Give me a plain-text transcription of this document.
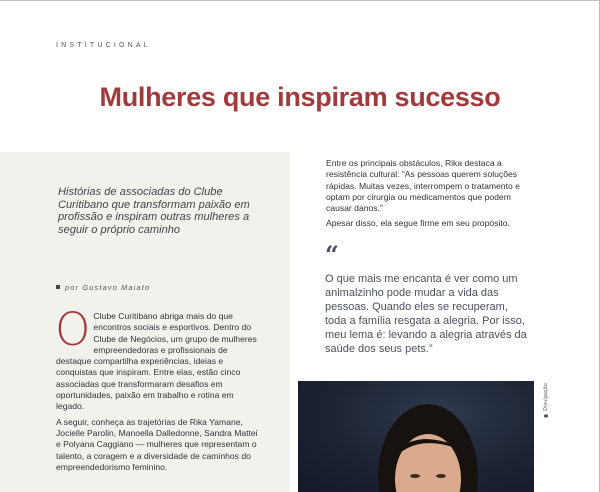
INSTITUCIONAL
Mulheres que inspiram sucesso

Histórias de associadas do Clube Curitibano que transformam paixão em profissão e inspiram outras mulheres a seguir o próprio caminho

por Gustavo Maiato

O Clube Curitibano abriga mais do que encontros sociais e esportivos. Dentro do Clube de Negócios, um grupo de mulheres empreendedoras e profissionais de destaque compartilha experiências, ideias e conquistas que inspiram. Entre elas, estão cinco associadas que transformaram desafios em oportunidades, paixão em trabalho e rotina em legado.

A seguir, conheça as trajetórias de Rika Yamane, Jocielle Parolin, Manoella Dalledonne, Sandra Mattei e Polyana Caggiano — mulheres que representam o talento, a coragem e a diversidade de caminhos do empreendedorismo feminino.

Entre os principais obstáculos, Rika destaca a resistência cultural: “As pessoas querem soluções rápidas. Muitas vezes, interrompem o tratamento e optam por cirurgia ou medicamentos que podem causar danos.”

Apesar disso, ela segue firme em seu propósito.

“

O que mais me encanta é ver como um animalzinho pode mudar a vida das pessoas. Quando eles se recuperam, toda a família resgata a alegria. Por isso, meu lema é: levando a alegria através da saúde dos seus pets.”

Divulgação
